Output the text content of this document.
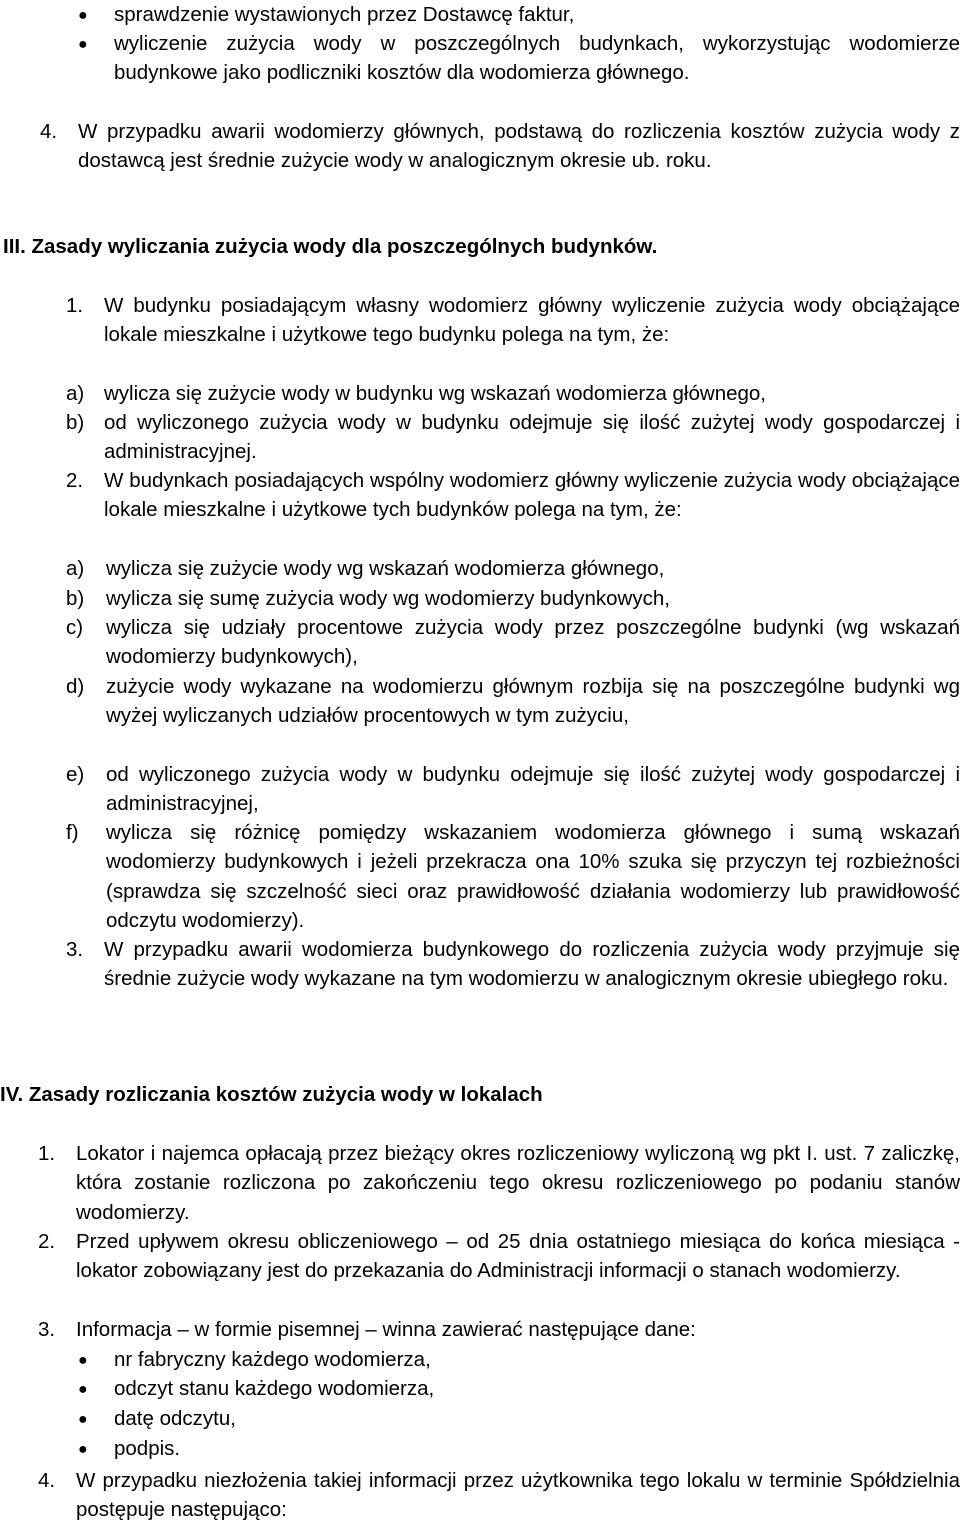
●	sprawdzenie wystawionych przez Dostawcę faktur,
●	wyliczenie zużycia wody w poszczególnych budynkach, wykorzystując wodomierze budynkowe jako podliczniki kosztów dla wodomierza głównego.
4.	W przypadku awarii wodomierzy głównych, podstawą do rozliczenia kosztów zużycia wody z dostawcą jest średnie zużycie wody w analogicznym okresie ub. roku.
III. Zasady wyliczania zużycia wody dla poszczególnych budynków.
1.	W budynku posiadającym własny wodomierz główny wyliczenie zużycia wody obciążające lokale mieszkalne i użytkowe tego budynku polega na tym, że:
a) wylicza się zużycie wody w budynku wg wskazań wodomierza głównego,
b) od wyliczonego zużycia wody w budynku odejmuje się ilość zużytej wody gospodarczej i administracyjnej.
2.	W budynkach posiadających wspólny wodomierz główny wyliczenie zużycia wody obciążające lokale mieszkalne i użytkowe tych budynków polega na tym, że:
a)	wylicza się zużycie wody wg wskazań wodomierza głównego,
b)	wylicza się sumę zużycia wody wg wodomierzy budynkowych,
c)	wylicza się udziały procentowe zużycia wody przez poszczególne budynki (wg wskazań wodomierzy budynkowych),
d)	zużycie wody wykazane na wodomierzu głównym rozbija się na poszczególne budynki wg wyżej wyliczanych udziałów procentowych w tym zużyciu,
e)	od wyliczonego zużycia wody w budynku odejmuje się ilość zużytej wody gospodarczej i administracyjnej,
f)	wylicza się różnicę pomiędzy wskazaniem wodomierza głównego i sumą wskazań wodomierzy budynkowych i jeżeli przekracza ona 10% szuka się przyczyn tej rozbieżności (sprawdza się szczelność sieci oraz prawidłowość działania wodomierzy lub prawidłowość odczytu wodomierzy).
3.	W przypadku awarii wodomierza budynkowego do rozliczenia zużycia wody przyjmuje się średnie zużycie wody wykazane na tym wodomierzu w analogicznym okresie ubiegłego roku.
IV. Zasady rozliczania kosztów zużycia wody w lokalach
1.	Lokator i najemca opłacają przez bieżący okres rozliczeniowy wyliczoną wg pkt I. ust. 7 zaliczkę, która zostanie rozliczona po zakończeniu tego okresu rozliczeniowego po podaniu stanów wodomierzy.
2.	Przed upływem okresu obliczeniowego – od 25 dnia ostatniego miesiąca do końca miesiąca - lokator zobowiązany jest do przekazania do Administracji informacji o stanach wodomierzy.
3.	Informacja – w formie pisemnej – winna zawierać następujące dane:
●	nr fabryczny każdego wodomierza,
●	odczyt stanu każdego wodomierza,
●	datę odczytu,
●	podpis.
4.	W przypadku niezłożenia takiej informacji przez użytkownika tego lokalu w terminie Spółdzielnia postępuje następująco:
